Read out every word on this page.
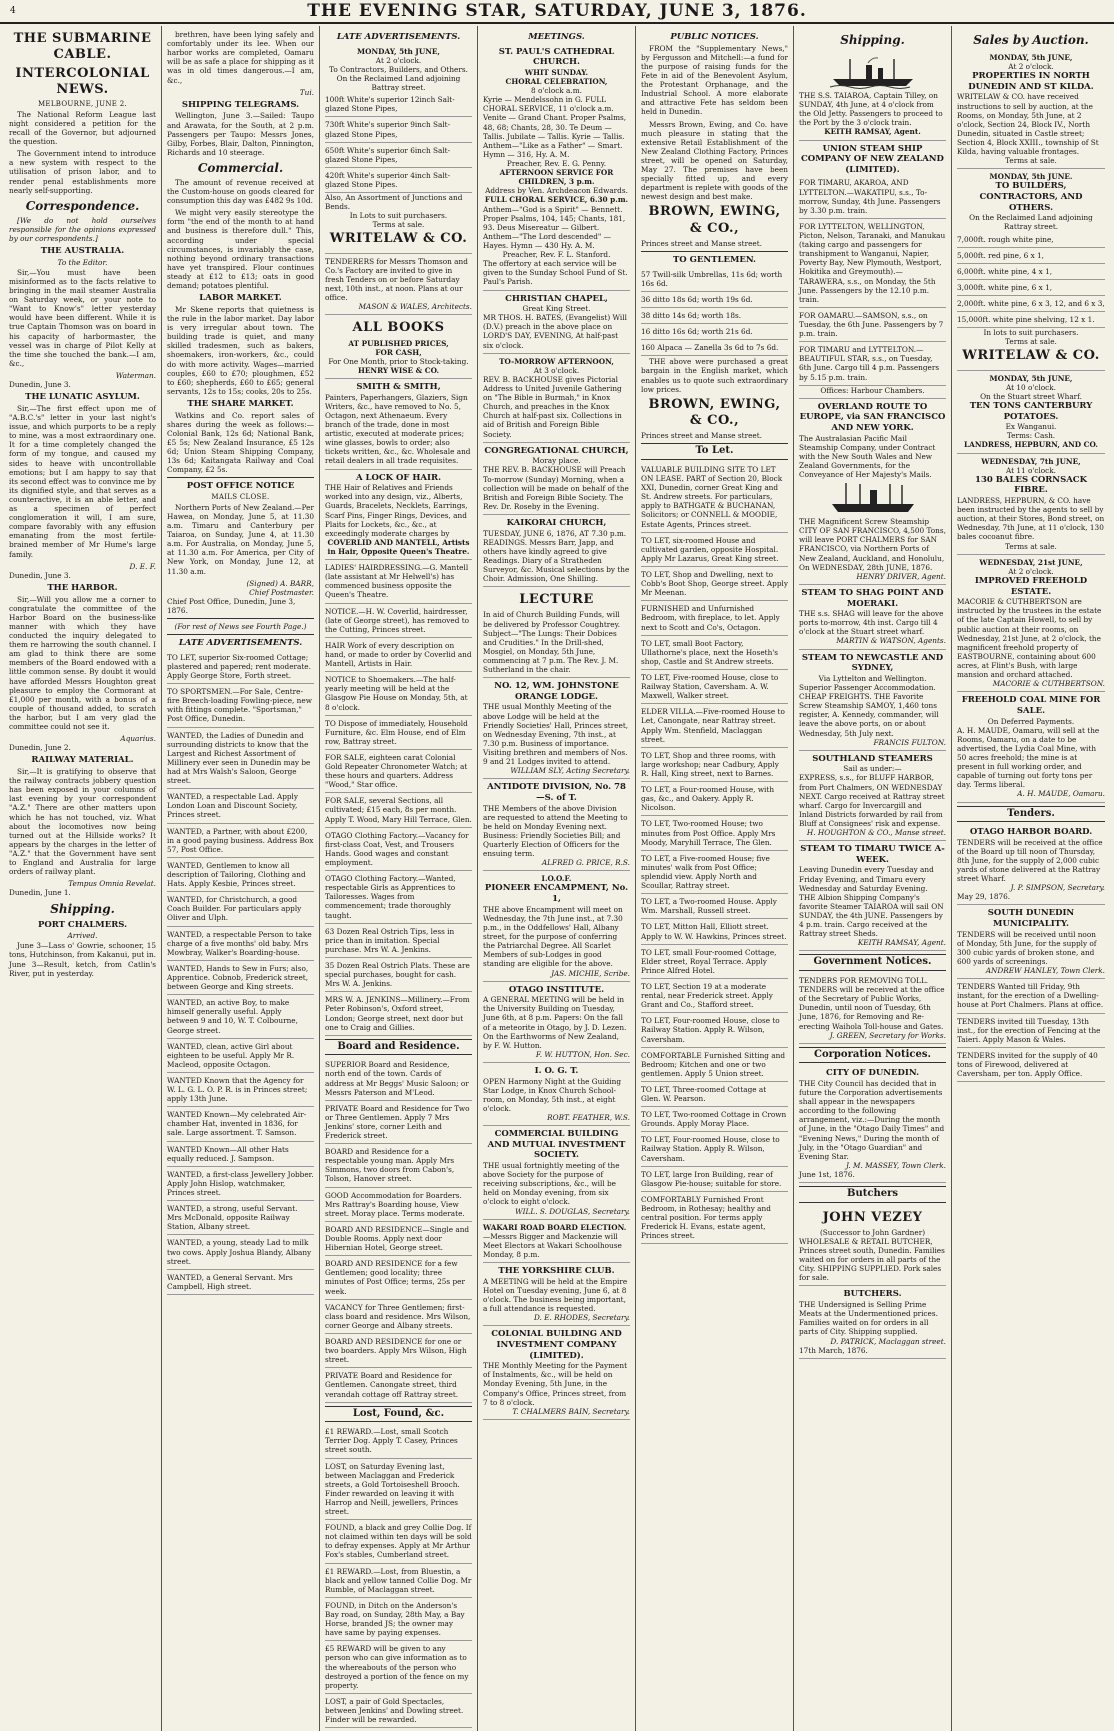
4	THE EVENING STAR, SATURDAY, JUNE 3, 1876.
THE SUBMARINE CABLE.
INTERCOLONIAL NEWS.
MELBOURNE, JUNE 2.

The National Reform League last night considered a petition for the recall of the Governor, but adjourned the question.

The Government intend to introduce a new system with respect to the utilisation of prison labor, and to render penal establishments more nearly self-supporting.

Correspondence.

[We do not hold ourselves responsible for the opinions expressed by our correspondents.]

THE AUSTRALIA.
To the Editor.

Sir,—You must have been misinformed as to the facts relative to bringing in the mail steamer Australia on Saturday week, or your note to "Want to Know's" letter yesterday would have been different. While it is true Captain Thomson was on board in his capacity of harbormaster, the vessel was in charge of Pilot Kelly at the time she touched the bank.—I am, &c.,

Waterman.
Dunedin, June 3.
THE LUNATIC ASYLUM.

Sir,—The first effect upon me of "A.B.C.'s" letter in your last night's issue, and which purports to be a reply to mine, was a most extraordinary one. It for a time completely changed the form of my tongue, and caused my sides to heave with uncontrollable emotions; but I am happy to say that its second effect was to convince me by its dignified style, and that serves as a counteractive, it is an able letter, and as a specimen of perfect conglomeration it will, I am sure, compare favorably with any effusion emanating from the most fertile-brained member of Mr Hume's large family.

D. E. F.
Dunedin, June 3.
THE HARBOR.

Sir,—Will you allow me a corner to congratulate the committee of the Harbor Board on the business-like manner with which they have conducted the inquiry delegated to them re harrowing the south channel. I am glad to think there are some members of the Board endowed with a little common sense. By doubt it would have afforded Messrs Houghton great pleasure to employ the Cormorant at £1,000 per month, with a bonus of a couple of thousand added, to scratch the harbor, but I am very glad the committee could not see it.

Aquarius.
Dunedin, June 2.
RAILWAY MATERIAL.

Sir,—It is gratifying to observe that the railway contracts jobbery question has been exposed in your columns of last evening by your correspondent "A.Z." There are other matters upon which he has not touched, viz. What about the locomotives now being turned out at the Hillside works? It appears by the charges in the letter of "A.Z." that the Government have sent to England and Australia for large orders of railway plant.

Tempus Omnia Revelat.
Dunedin, June 1.
Shipping.
PORT CHALMERS.
Arrived.

June 3—Lass o' Gowrie, schooner, 15 tons, Hutchinson, from Kakanui, put in. June 3—Result, ketch, from Catlin's River, put in yesterday.

brethren, have been lying safely and comfortably under its lee. When our harbor works are completed, Oamaru will be as safe a place for shipping as it was in old times dangerous.—I am, &c.,

Tui.
SHIPPING TELEGRAMS.

Wellington, June 3.—Sailed: Taupo and Arawata, for the South, at 2 p.m. Passengers per Taupo: Messrs Jones, Gilby, Forbes, Blair, Dalton, Pinnington, Richards and 10 steerage.

Commercial.

The amount of revenue received at the Custom-house on goods cleared for consumption this day was £482 9s 10d.

We might very easily stereotype the form "the end of the month to at hand and business is therefore dull." This, according under special circumstances, is invariably the case, nothing beyond ordinary transactions have yet transpired. Flour continues steady at £12 to £13; oats in good demand; potatoes plentiful.

LABOR MARKET.

Mr Skene reports that quietness is the rule in the labor market. Day labor is very irregular about town. The building trade is quiet, and many skilled tradesmen, such as bakers, shoemakers, iron-workers, &c., could do with more activity. Wages—married couples, £60 to £70; ploughmen, £52 to £60; shepherds, £60 to £65; general servants, 12s to 15s; cooks, 20s to 25s.

THE SHARE MARKET.

Watkins and Co. report sales of shares during the week as follows:—Colonial Bank, 12s 6d; National Bank, £5 5s; New Zealand Insurance, £5 12s 6d; Union Steam Shipping Company, 13s 6d; Kaitangata Railway and Coal Company, £2 5s.

POST OFFICE NOTICE
MAILS CLOSE.

Northern Ports of New Zealand.—Per Hawea, on Monday, June 5, at 11.30 a.m. Timaru and Canterbury per Taiaroa, on Sunday, June 4, at 11.30 a.m. For Australia, on Monday, June 5, at 11.30 a.m. For America, per City of New York, on Monday, June 12, at 11.30 a.m.

(Signed) A. BARR,
Chief Postmaster.
Chief Post Office, Dunedin, June 3, 1876.
(For rest of News see Fourth Page.)
LATE ADVERTISEMENTS.
TO LET, superior Six-roomed Cottage; plastered and papered; rent moderate. Apply George Store, Forth street.
TO SPORTSMEN.—For Sale, Centre-fire Breech-loading Fowling-piece, new with fittings complete. "Sportsman," Post Office, Dunedin.
WANTED, the Ladies of Dunedin and surrounding districts to know that the Largest and Richest Assortment of Millinery ever seen in Dunedin may be had at Mrs Walsh's Saloon, George street.
WANTED, a respectable Lad. Apply London Loan and Discount Society, Princes street.
WANTED, a Partner, with about £200, in a good paying business. Address Box 57, Post Office.
WANTED, Gentlemen to know all description of Tailoring, Clothing and Hats. Apply Kesbie, Princes street.
WANTED, for Christchurch, a good Coach Builder. For particulars apply Oliver and Ulph.
WANTED, a respectable Person to take charge of a five months' old baby. Mrs Mowbray, Walker's Boarding-house.
WANTED, Hands to Sew in Furs; also, Apprentice. Cobnob, Frederick street, between George and King streets.
WANTED, an active Boy, to make himself generally useful. Apply between 9 and 10, W. T. Colbourne, George street.
WANTED, clean, active Girl about eighteen to be useful. Apply Mr R. Macleod, opposite Octagon.
WANTED Known that the Agency for W. L. G. L. O. P. R. is in Princes street; apply 13th June.
WANTED Known—My celebrated Air-chamber Hat, invented in 1836, for sale. Large assortment. T. Samson.
WANTED Known—All other Hats equally reduced. J. Sampson.
WANTED, a first-class Jewellery Jobber. Apply John Hislop, watchmaker, Princes street.
WANTED, a strong, useful Servant. Mrs McDonald, opposite Railway Station, Albany street.
WANTED, a young, steady Lad to milk two cows. Apply Joshua Blandy, Albany street.
WANTED, a General Servant. Mrs Campbell, High street.
LATE ADVERTISEMENTS.
MONDAY, 5th JUNE,
At 2 o'clock.
To Contractors, Builders, and Others.
On the Reclaimed Land adjoining Battray street.
100ft White's superior 12inch Salt-glazed Stone Pipes,
730ft White's superior 9inch Salt-glazed Stone Pipes,
650ft White's superior 6inch Salt-glazed Stone Pipes,
420ft White's superior 4inch Salt-glazed Stone Pipes.
Also, An Assortment of Junctions and Bends.
In Lots to suit purchasers.
Terms at sale.
WRITELAW & CO.
TENDERERS for Messrs Thomson and Co.'s Factory are invited to give in fresh Tenders on or before Saturday next, 10th inst., at noon. Plans at our office.
MASON & WALES, Architects.
ALL BOOKS
AT PUBLISHED PRICES,
FOR CASH,
For One Month, prior to Stock-taking.
HENRY WISE & CO.
SMITH & SMITH,
Painters, Paperhangers, Glaziers, Sign Writers, &c., have removed to No. 5, Octagon, next Athenaeum. Every branch of the trade, done in most artistic, executed at moderate prices; wine glasses, bowls to order; also tickets written, &c., &c. Wholesale and retail dealers in all trade requisites.
A LOCK OF HAIR.
THE Hair of Relatives and Friends worked into any design, viz., Alberts, Guards, Bracelets, Necklets, Earrings, Scarf Pins, Finger Rings, Devices, and Plaits for Lockets, &c., &c., at exceedingly moderate charges by
COVERLID AND MANTELL, Artists in Hair, Opposite Queen's Theatre.
LADIES' HAIRDRESSING.—G. Mantell (late assistant at Mr Helwell's) has commenced business opposite the Queen's Theatre.
NOTICE.—H. W. Coverlid, hairdresser, (late of George street), has removed to the Cutting, Princes street.
HAIR Work of every description on hand, or made to order by Coverlid and Mantell, Artists in Hair.
NOTICE to Shoemakers.—The half-yearly meeting will be held at the Glasgow Pie House on Monday, 5th, at 8 o'clock.
TO Dispose of immediately, Household Furniture, &c. Elm House, end of Elm row, Battray street.
FOR SALE, eighteen carat Colonial Gold Repeater Chronometer Watch; at these hours and quarters. Address "Wood," Star office.
FOR SALE, several Sections, all cultivated; £15 each, 8s per month. Apply T. Wood, Mary Hill Terrace, Glen.
OTAGO Clothing Factory.—Vacancy for first-class Coat, Vest, and Trousers Hands. Good wages and constant employment.
OTAGO Clothing Factory.—Wanted, respectable Girls as Apprentices to Tailoresses. Wages from commencement; trade thoroughly taught.
63 Dozen Real Ostrich Tips, less in price than in imitation. Special purchase. Mrs W. A. Jenkins.
35 Dozen Real Ostrich Plats. These are special purchases, bought for cash. Mrs W. A. Jenkins.
MRS W. A. JENKINS—Millinery.—From Peter Robinson's, Oxford street, London; George street, next door but one to Craig and Gillies.
Board and Residence.
SUPERIOR Board and Residence, north end of the town. Cards of address at Mr Beggs' Music Saloon; or Messrs Paterson and M'Leod.
PRIVATE Board and Residence for Two or Three Gentlemen. Apply 7 Mrs Jenkins' store, corner Leith and Frederick street.
BOARD and Residence for a respectable young man. Apply Mrs Simmons, two doors from Cabon's, Tolson, Hanover street.
GOOD Accommodation for Boarders. Mrs Rattray's Boarding house, View street. Moray place. Terms moderate.
BOARD AND RESIDENCE—Single and Double Rooms. Apply next door Hibernian Hotel, George street.
BOARD AND RESIDENCE for a few Gentlemen; good locality; three minutes of Post Office; terms, 25s per week.
VACANCY for Three Gentlemen; first-class board and residence. Mrs Wilson, corner George and Albany streets.
BOARD AND RESIDENCE for one or two boarders. Apply Mrs Wilson, High street.
PRIVATE Board and Residence for Gentlemen. Canongate street, third verandah cottage off Rattray street.
Lost, Found, &c.
£1 REWARD.—Lost, small Scotch Terrier Dog. Apply T. Casey, Princes street south.
LOST, on Saturday Evening last, between Maclaggan and Frederick streets, a Gold Tortoiseshell Brooch. Finder rewarded on leaving it with Harrop and Neill, jewellers, Princes street.
FOUND, a black and grey Collie Dog. If not claimed within ten days will be sold to defray expenses. Apply at Mr Arthur Fox's stables, Cumberland street.
£1 REWARD.—Lost, from Bluestin, a black and yellow tanned Collie Dog. Mr Rumble, of Maclaggan street.
FOUND, in Ditch on the Anderson's Bay road, on Sunday, 28th May, a Bay Horse, branded JS; the owner may have same by paying expenses.
£5 REWARD will be given to any person who can give information as to the whereabouts of the person who destroyed a portion of the fence on my property.
LOST, a pair of Gold Spectacles, between Jenkins' and Dowling street. Finder will be rewarded.
MEETINGS.
ST. PAUL'S CATHEDRAL CHURCH.
WHIT SUNDAY.
CHORAL CELEBRATION,
8 o'clock a.m.
Kyrie — Mendelssohn in G. FULL CHORAL SERVICE, 11 o'clock a.m. Venite — Grand Chant. Proper Psalms, 48, 68; Chants, 28, 30. Te Deum — Tallis. Jubilate — Tallis. Kyrie — Tallis. Anthem—"Like as a Father" — Smart. Hymn — 316, Hy. A. M.
Preacher, Rev. E. G. Penny.
AFTERNOON SERVICE FOR CHILDREN, 3 p.m.
Address by Ven. Archdeacon Edwards.
FULL CHORAL SERVICE, 6.30 p.m.
Anthem—"God is a Spirit" — Bennett. Proper Psalms, 104, 145; Chants, 181, 93. Deus Misereatur — Gilbert. Anthem—"The Lord descended" — Hayes. Hymn — 430 Hy. A. M.
Preacher, Rev. F. L. Stanford.
The offertory at each service will be given to the Sunday School Fund of St. Paul's Parish.
CHRISTIAN CHAPEL,
Great King Street.
MR THOS. H. BATES, (Evangelist) Will (D.V.) preach in the above place on LORD'S DAY, EVENING, At half-past six o'clock.
TO-MORROW AFTERNOON,
At 3 o'clock.
REV. B. BACKHOUSE gives Pictorial Address to United Juvenile Gathering on "The Bible in Burmah," in Knox Church, and preaches in the Knox Church at half-past six. Collections in aid of British and Foreign Bible Society.
CONGREGATIONAL CHURCH,
Moray place.
THE REV. B. BACKHOUSE will Preach To-morrow (Sunday) Morning, when a collection will be made on behalf of the British and Foreign Bible Society. The Rev. Dr. Roseby in the Evening.
KAIKORAI CHURCH,
TUESDAY, JUNE 6, 1876, AT 7.30 p.m. READINGS. Messrs Barr, Japp, and others have kindly agreed to give Readings. Diary of a Stratheden Surveyor, &c. Musical selections by the Choir. Admission, One Shilling.
LECTURE
In aid of Church Building Funds, will be delivered by Professor Coughtrey. Subject—"The Lungs: Their Dobices and Crudities." In the Drill-shed, Mosgiel, on Monday, 5th June, commencing at 7 p.m. The Rev. J. M. Sutherland in the chair.
NO. 12, WM. JOHNSTONE ORANGE LODGE.
THE usual Monthly Meeting of the above Lodge will be held at the Friendly Societies' Hall, Princes street, on Wednesday Evening, 7th inst., at 7.30 p.m. Business of importance. Visiting brethren and members of Nos. 9 and 21 Lodges invited to attend.
WILLIAM SLY, Acting Secretary.
ANTIDOTE DIVISION, No. 78—S. of T.
THE Members of the above Division are requested to attend the Meeting to be held on Monday Evening next. Business: Friendly Societies Bill; and Quarterly Election of Officers for the ensuing term.
ALFRED G. PRICE, R.S.
I.O.O.F.
PIONEER ENCAMPMENT, No. 1,
THE above Encampment will meet on Wednesday, the 7th June inst., at 7.30 p.m., in the Oddfellows' Hall, Albany street, for the purpose of conferring the Patriarchal Degree. All Scarlet Members of sub-Lodges in good standing are eligible for the above.
JAS. MICHIE, Scribe.
OTAGO INSTITUTE.
A GENERAL MEETING will be held in the University Building on Tuesday, June 6th, at 8 p.m. Papers: On the fall of a meteorite in Otago, by J. D. Lezen. On the Earthworms of New Zealand, by F. W. Hutton.
F. W. HUTTON, Hon. Sec.
I. O. G. T.
OPEN Harmony Night at the Guiding Star Lodge, in Knox Church School-room, on Monday, 5th inst., at eight o'clock.
ROBT. FEATHER, W.S.
COMMERCIAL BUILDING AND MUTUAL INVESTMENT SOCIETY.
THE usual fortnightly meeting of the above Society for the purpose of receiving subscriptions, &c., will be held on Monday evening, from six o'clock to eight o'clock.
WILL. S. DOUGLAS, Secretary.
WAKARI ROAD BOARD ELECTION. —Messrs Bigger and Mackenzie will Meet Electors at Wakari Schoolhouse Monday, 8 p.m.
THE YORKSHIRE CLUB.
A MEETING will be held at the Empire Hotel on Tuesday evening, June 6, at 8 o'clock. The business being important, a full attendance is requested.
D. E. RHODES, Secretary.
COLONIAL BUILDING AND INVESTMENT COMPANY (LIMITED).
THE Monthly Meeting for the Payment of Instalments, &c., will be held on Monday Evening, 5th June, in the Company's Office, Princes street, from 7 to 8 o'clock.
T. CHALMERS BAIN, Secretary.
PUBLIC NOTICES.

FROM the "Supplementary News," by Fergusson and Mitchell:—a fund for the purpose of raising funds for the Fete in aid of the Benevolent Asylum, the Protestant Orphanage, and the Industrial School. A more elaborate and attractive Fete has seldom been held in Dunedin.

Messrs Brown, Ewing, and Co. have much pleasure in stating that the extensive Retail Establishment of the New Zealand Clothing Factory, Princes street, will be opened on Saturday, May 27. The premises have been specially fitted up, and every department is replete with goods of the newest design and best make.

BROWN, EWING, & CO.,
Princes street and Manse street.
TO GENTLEMEN.
57 Twill-silk Umbrellas, 11s 6d; worth 16s 6d.
36 ditto 18s 6d; worth 19s 6d.
38 ditto 14s 6d; worth 18s.
16 ditto 16s 6d; worth 21s 6d.
160 Alpaca — Zanella 3s 6d to 7s 6d.

THE above were purchased a great bargain in the English market, which enables us to quote such extraordinary low prices.

BROWN, EWING, & CO.,
Princes street and Manse street.
To Let.
VALUABLE BUILDING SITE TO LET ON LEASE. PART of Section 20, Block XXI, Dunedin, corner Great King and St. Andrew streets. For particulars, apply to BATHGATE & BUCHANAN, Solicitors; or CONNELL & MOODIE, Estate Agents, Princes street.
TO LET, six-roomed House and cultivated garden, opposite Hospital. Apply Mr Lazarus, Great King street.
TO LET, Shop and Dwelling, next to Cobb's Boot Shop, George street. Apply Mr Meenan.
FURNISHED and Unfurnished Bedroom, with fireplace, to let. Apply next to Scott and Co's, Octagon.
TO LET, small Boot Factory, Ullathorne's place, next the Hoseth's shop, Castle and St Andrew streets.
TO LET, Five-roomed House, close to Railway Station, Caversham. A. W. Maxwell, Walker street.
ELDER VILLA.—Five-roomed House to Let, Canongate, near Rattray street. Apply Wm. Stenfield, Maclaggan street.
TO LET, Shop and three rooms, with large workshop; near Cadbury, Apply R. Hall, King street, next to Barnes.
TO LET, a Four-roomed House, with gas, &c., and Oakery. Apply R. Nicolson.
TO LET, Two-roomed House; two minutes from Post Office. Apply Mrs Moody, Maryhill Terrace, The Glen.
TO LET, a Five-roomed House; five minutes' walk from Post Office; splendid view. Apply North and Scoullar, Rattray street.
TO LET, a Two-roomed House. Apply Wm. Marshall, Russell street.
TO LET, Mitton Hall, Elliott street. Apply to W. W. Hawkins, Princes street.
TO LET, small Four-roomed Cottage, Elder street, Royal Terrace. Apply Prince Alfred Hotel.
TO LET, Section 19 at a moderate rental, near Frederick street. Apply Grant and Co., Stafford street.
TO LET, Four-roomed House, close to Railway Station. Apply R. Wilson, Caversham.
COMFORTABLE Furnished Sitting and Bedroom; Kitchen and one or two gentlemen. Apply 5 Union street.
TO LET, Three-roomed Cottage at Glen. W. Pearson.
TO LET, Two-roomed Cottage in Crown Grounds. Apply Moray Place.
TO LET, Four-roomed House, close to Railway Station. Apply R. Wilson, Caversham.
TO LET, large Iron Building, rear of Glasgow Pie-house; suitable for store.
COMFORTABLY Furnished Front Bedroom, in Rothesay; healthy and central position. For terms apply Frederick H. Evans, estate agent, Princes street.
Shipping.
THE S.S. TAIAROA, Captain Tilley, on SUNDAY, 4th June, at 4 o'clock from the Old Jetty. Passengers to proceed to the Port by the 3 o'clock train.
KEITH RAMSAY, Agent.
UNION STEAM SHIP COMPANY OF NEW ZEALAND (LIMITED).
FOR TIMARU, AKAROA, AND LYTTELTON.—WAKATIPU, s.s., To-morrow, Sunday, 4th June. Passengers by 3.30 p.m. train.
FOR LYTTELTON, WELLINGTON, Picton, Nelson, Taranaki, and Manukau (taking cargo and passengers for transhipment to Wanganui, Napier, Poverty Bay, New Plymouth, Westport, Hokitika and Greymouth).—TARAWERA, s.s., on Monday, the 5th June. Passengers by the 12.10 p.m. train.
FOR OAMARU.—SAMSON, s.s., on Tuesday, the 6th June. Passengers by 7 p.m. train.
FOR TIMARU and LYTTELTON.—BEAUTIFUL STAR, s.s., on Tuesday, 6th June. Cargo till 4 p.m. Passengers by 5.15 p.m. train.
Offices: Harbour Chambers.
OVERLAND ROUTE TO EUROPE, via SAN FRANCISCO AND NEW YORK.
The Australasian Pacific Mail Steamship Company, under Contract with the New South Wales and New Zealand Governments, for the Conveyance of Her Majesty's Mails.
THE Magnificent Screw Steamship CITY OF SAN FRANCISCO, 4,500 Tons, will leave PORT CHALMERS for SAN FRANCISCO, via Northern Ports of New Zealand, Auckland, and Honolulu, On WEDNESDAY, 28th JUNE, 1876.
HENRY DRIVER, Agent.
STEAM TO SHAG POINT AND MOERAKI.
THE s.s. SHAG will leave for the above ports to-morrow, 4th inst. Cargo till 4 o'clock at the Stuart street wharf.
MARTIN & WATSON, Agents.
STEAM TO NEWCASTLE AND SYDNEY,
Via Lyttelton and Wellington.
Superior Passenger Accommodation. CHEAP FREIGHTS. THE Favorite Screw Steamship SAMOY, 1,460 tons register, A. Kennedy, commander, will leave the above ports, on or about Wednesday, 5th July next.
FRANCIS FULTON.
SOUTHLAND STEAMERS
Sail as under:—
EXPRESS, s.s., for BLUFF HARBOR, from Port Chalmers, ON WEDNESDAY NEXT. Cargo received at Rattray street wharf. Cargo for Invercargill and Inland Districts forwarded by rail from Bluff at Consignees' risk and expense.
H. HOUGHTON & CO., Manse street.
STEAM TO TIMARU TWICE A-WEEK.
Leaving Dunedin every Tuesday and Friday Evening, and Timaru every Wednesday and Saturday Evening. THE Albion Shipping Company's favorite Steamer TAIAROA will sail ON SUNDAY, the 4th JUNE. Passengers by 4 p.m. train. Cargo received at the Rattray street Sheds.
KEITH RAMSAY, Agent.
Government Notices.
TENDERS FOR REMOVING TOLL. TENDERS will be received at the office of the Secretary of Public Works, Dunedin, until noon of Tuesday, 6th June, 1876, for Removing and Re-erecting Waihola Toll-house and Gates.
J. GREEN, Secretary for Works.
Corporation Notices.
CITY OF DUNEDIN.
THE City Council has decided that in future the Corporation advertisements shall appear in the newspapers according to the following arrangement, viz.:—During the month of June, in the "Otago Daily Times" and "Evening News," During the month of July, in the "Otago Guardian" and Evening Star.
J. M. MASSEY, Town Clerk.
June 1st, 1876.
Butchers
JOHN VEZEY
(Successor to John Gardner)
WHOLESALE & RETAIL BUTCHER, Princes street south, Dunedin. Families waited on for orders in all parts of the City. SHIPPING SUPPLIED. Pork sales for sale.
BUTCHERS.
THE Undersigned is Selling Prime Meats at the Undermentioned prices. Families waited on for orders in all parts of City. Shipping supplied.
D. PATRICK, Maclaggan street.
17th March, 1876.
Sales by Auction.
MONDAY, 5th JUNE,
At 2 o'clock.
PROPERTIES IN NORTH DUNEDIN AND ST KILDA.
WRITELAW & CO. have received instructions to sell by auction, at the Rooms, on Monday, 5th June, at 2 o'clock, Section 24, Block IV., North Dunedin, situated in Castle street; Section 4, Block XXIII., township of St Kilda, having valuable frontages.
Terms at sale.
MONDAY, 5th JUNE.
TO BUILDERS, CONTRACTORS, AND OTHERS.
On the Reclaimed Land adjoining Rattray street.
7,000ft. rough white pine,
5,000ft. red pine, 6 x 1,
6,000ft. white pine, 4 x 1,
3,000ft. white pine, 6 x 1,
2,000ft. white pine, 6 x 3, 12, and 6 x 3,
15,000ft. white pine shelving, 12 x 1.
In lots to suit purchasers.
Terms at sale.
WRITELAW & CO.
MONDAY, 5th JUNE,
At 10 o'clock.
On the Stuart street Wharf.
TEN TONS CANTERBURY POTATOES.
Ex Wanganui.
Terms: Cash.
LANDRESS, HEPBURN, AND CO.
WEDNESDAY, 7th JUNE,
At 11 o'clock.
130 BALES CORNSACK FIBRE.
LANDRESS, HEPBURN, & CO. have been instructed by the agents to sell by auction, at their Stores, Bond street, on Wednesday, 7th June, at 11 o'clock, 130 bales cocoanut fibre.
Terms at sale.
WEDNESDAY, 21st JUNE,
At 2 o'clock.
IMPROVED FREEHOLD ESTATE.
MACORIE & CUTHBERTSON are instructed by the trustees in the estate of the late Captain Howell, to sell by public auction at their rooms, on Wednesday, 21st June, at 2 o'clock, the magnificent freehold property of EASTBOURNE, containing about 600 acres, at Flint's Bush, with large mansion and orchard attached.
MACORIE & CUTHBERTSON.
FREEHOLD COAL MINE FOR SALE.
On Deferred Payments.
A. H. MAUDE, Oamaru, will sell at the Rooms, Oamaru, on a date to be advertised, the Lydia Coal Mine, with 50 acres freehold; the mine is at present in full working order, and capable of turning out forty tons per day. Terms liberal.
A. H. MAUDE, Oamaru.
Tenders.
OTAGO HARBOR BOARD.
TENDERS will be received at the office of the Board up till noon of Thursday, 8th June, for the supply of 2,000 cubic yards of stone delivered at the Rattray street Wharf.
J. P. SIMPSON, Secretary.
May 29, 1876.
SOUTH DUNEDIN MUNICIPALITY.
TENDERS will be received until noon of Monday, 5th June, for the supply of 300 cubic yards of broken stone, and 600 yards of screenings.
ANDREW HANLEY, Town Clerk.
TENDERS Wanted till Friday, 9th instant, for the erection of a Dwelling-house at Port Chalmers. Plans at office.
TENDERS invited till Tuesday, 13th inst., for the erection of Fencing at the Taieri. Apply Mason & Wales.
TENDERS invited for the supply of 40 tons of Firewood, delivered at Caversham, per ton. Apply Office.
